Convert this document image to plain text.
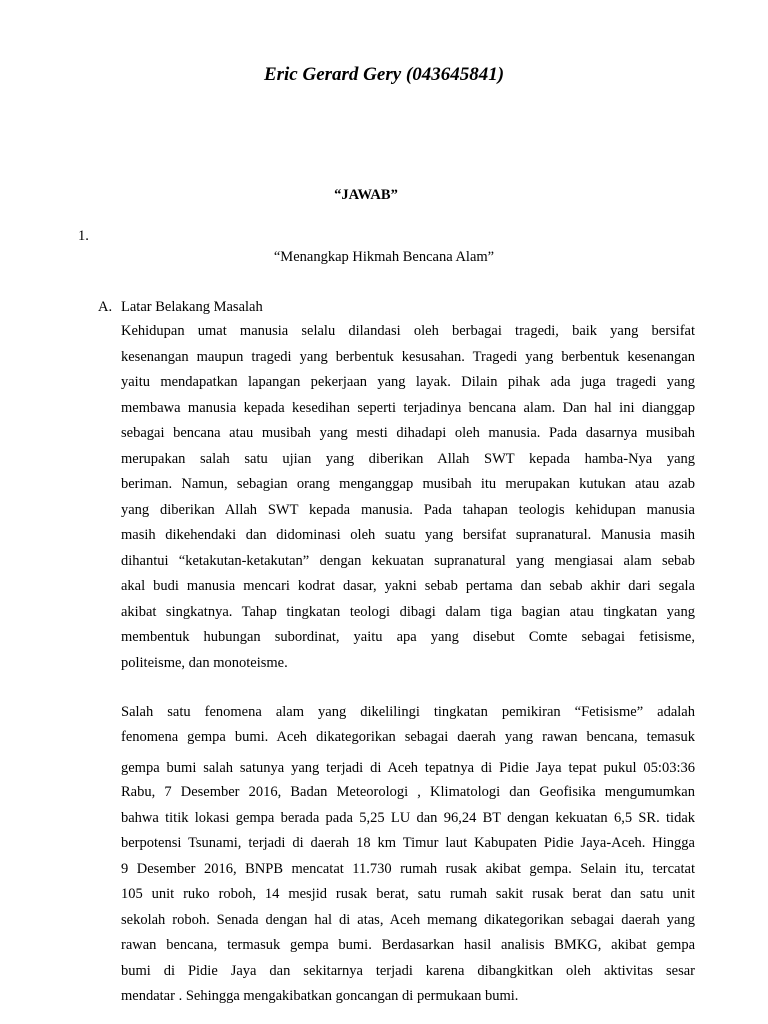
Eric Gerard Gery (043645841)
“JAWAB”
1.
“Menangkap Hikmah Bencana Alam”
A. Latar Belakang Masalah
Kehidupan umat manusia selalu dilandasi oleh berbagai tragedi, baik yang bersifat
kesenangan maupun tragedi yang berbentuk kesusahan. Tragedi yang berbentuk kesenangan
yaitu mendapatkan lapangan pekerjaan yang layak. Dilain pihak ada juga tragedi yang
membawa manusia kepada kesedihan seperti terjadinya bencana alam. Dan hal ini dianggap
sebagai bencana atau musibah yang mesti dihadapi oleh manusia. Pada dasarnya musibah
merupakan salah satu ujian yang diberikan Allah SWT kepada hamba-Nya yang
beriman. Namun, sebagian orang menganggap musibah itu merupakan kutukan atau azab
yang diberikan Allah SWT kepada manusia. Pada tahapan teologis kehidupan manusia
masih dikehendaki dan didominasi oleh suatu yang bersifat supranatural. Manusia masih
dihantui “ketakutan-ketakutan” dengan kekuatan supranatural yang mengiasai alam sebab
akal budi manusia mencari kodrat dasar, yakni sebab pertama dan sebab akhir dari segala
akibat singkatnya. Tahap tingkatan teologi dibagi dalam tiga bagian atau tingkatan yang
membentuk hubungan subordinat, yaitu apa yang disebut Comte sebagai fetisisme,
politeisme, dan monoteisme.
Salah satu fenomena alam yang dikelilingi tingkatan pemikiran “Fetisisme” adalah
fenomena gempa bumi. Aceh dikategorikan sebagai daerah yang rawan bencana, temasuk
gempa bumi salah satunya yang terjadi di Aceh tepatnya di Pidie Jaya tepat pukul 05:03:36
Rabu, 7 Desember 2016, Badan Meteorologi , Klimatologi dan Geofisika mengumumkan
bahwa titik lokasi gempa berada pada 5,25 LU dan 96,24 BT dengan kekuatan 6,5 SR. tidak
berpotensi Tsunami, terjadi di daerah 18 km Timur laut Kabupaten Pidie Jaya-Aceh. Hingga
9 Desember 2016, BNPB mencatat 11.730 rumah rusak akibat gempa. Selain itu, tercatat
105 unit ruko roboh, 14 mesjid rusak berat, satu rumah sakit rusak berat dan satu unit
sekolah roboh. Senada dengan hal di atas, Aceh memang dikategorikan sebagai daerah yang
rawan bencana, termasuk gempa bumi. Berdasarkan hasil analisis BMKG, akibat gempa
bumi di Pidie Jaya dan sekitarnya terjadi karena dibangkitkan oleh aktivitas sesar
mendatar . Sehingga mengakibatkan goncangan di permukaan bumi.
